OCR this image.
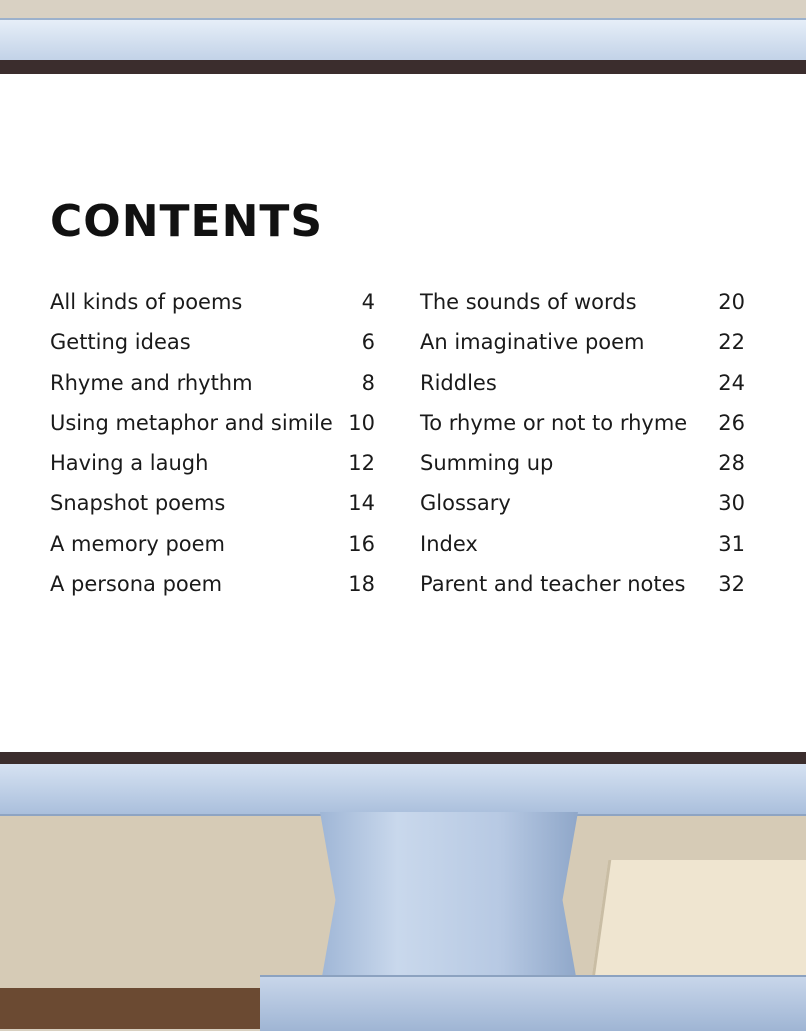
CONTENTS
All kinds of poems	4
Getting ideas	6
Rhyme and rhythm	8
Using metaphor and simile 10
Having a laugh	12
Snapshot poems	14
A memory poem	16
A persona poem	18
The sounds of words	20
An imaginative poem	22
Riddles	24
To rhyme or not to rhyme 26
Summing up	28
Glossary	30
Index	31
Parent and teacher notes 32
